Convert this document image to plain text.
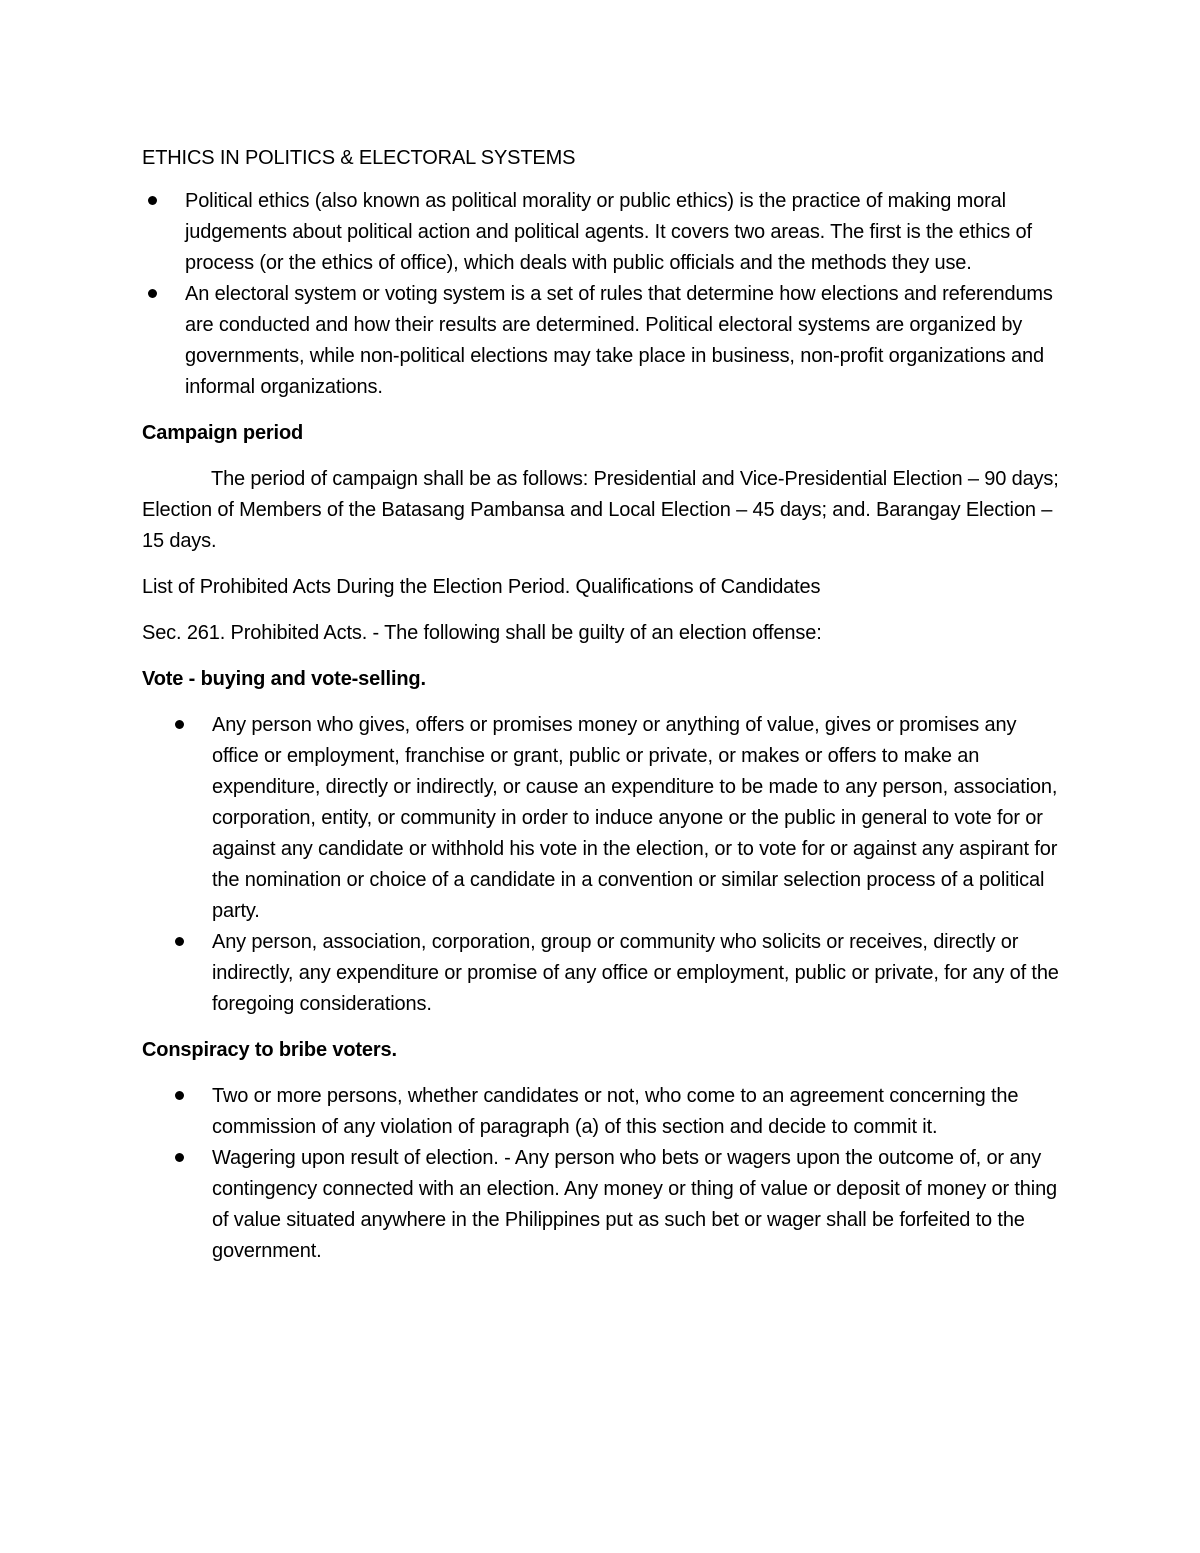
ETHICS IN POLITICS & ELECTORAL SYSTEMS
Political ethics (also known as political morality or public ethics) is the practice of making moral judgements about political action and political agents. It covers two areas. The first is the ethics of process (or the ethics of office), which deals with public officials and the methods they use.
An electoral system or voting system is a set of rules that determine how elections and referendums are conducted and how their results are determined. Political electoral systems are organized by governments, while non-political elections may take place in business, non-profit organizations and informal organizations.
Campaign period

The period of campaign shall be as follows: Presidential and Vice-Presidential Election – 90 days; Election of Members of the Batasang Pambansa and Local Election – 45 days; and. Barangay Election – 15 days.

List of Prohibited Acts During the Election Period. Qualifications of Candidates

Sec. 261. Prohibited Acts. - The following shall be guilty of an election offense:

Vote - buying and vote-selling.
Any person who gives, offers or promises money or anything of value, gives or promises any office or employment, franchise or grant, public or private, or makes or offers to make an expenditure, directly or indirectly, or cause an expenditure to be made to any person, association, corporation, entity, or community in order to induce anyone or the public in general to vote for or against any candidate or withhold his vote in the election, or to vote for or against any aspirant for the nomination or choice of a candidate in a convention or similar selection process of a political party.
Any person, association, corporation, group or community who solicits or receives, directly or indirectly, any expenditure or promise of any office or employment, public or private, for any of the foregoing considerations.
Conspiracy to bribe voters.
Two or more persons, whether candidates or not, who come to an agreement concerning the commission of any violation of paragraph (a) of this section and decide to commit it.
Wagering upon result of election. - Any person who bets or wagers upon the outcome of, or any contingency connected with an election. Any money or thing of value or deposit of money or thing of value situated anywhere in the Philippines put as such bet or wager shall be forfeited to the government.
